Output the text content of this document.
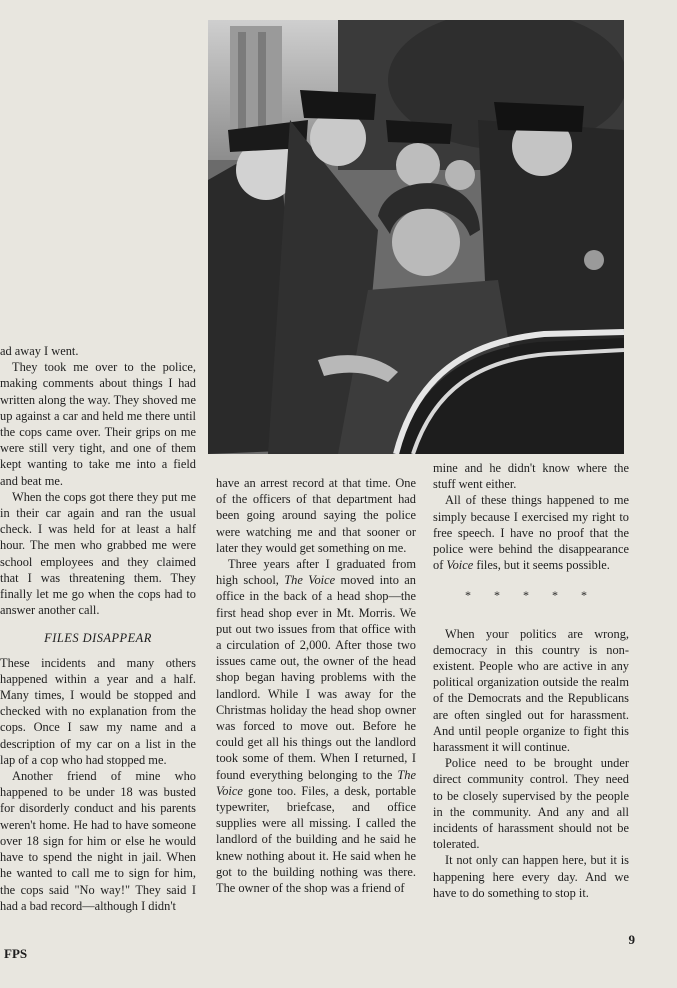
ad away I went.

They took me over to the police, making comments about things I had written along the way. They shoved me up against a car and held me there until the cops came over. Their grips on me were still very tight, and one of them kept wanting to take me into a field and beat me.

When the cops got there they put me in their car again and ran the usual check. I was held for at least a half hour. The men who grabbed me were school employees and they claimed that I was threatening them. They finally let me go when the cops had to answer another call.

FILES DISAPPEAR

These incidents and many others happened within a year and a half. Many times, I would be stopped and checked with no explanation from the cops. Once I saw my name and a description of my car on a list in the lap of a cop who had stopped me.

Another friend of mine who happened to be under 18 was busted for disorderly conduct and his parents weren't home. He had to have someone over 18 sign for him or else he would have to spend the night in jail. When he wanted to call me to sign for him, the cops said "No way!" They said I had a bad record—although I didn't

have an arrest record at that time. One of the officers of that department had been going around saying the police were watching me and that sooner or later they would get something on me.

Three years after I graduated from high school, The Voice moved into an office in the back of a head shop—the first head shop ever in Mt. Morris. We put out two issues from that office with a circulation of 2,000. After those two issues came out, the owner of the head shop began having problems with the landlord. While I was away for the Christmas holiday the head shop owner was forced to move out. Before he could get all his things out the landlord took some of them. When I returned, I found everything belonging to the The Voice gone too. Files, a desk, portable typewriter, briefcase, and office supplies were all missing. I called the landlord of the building and he said he knew nothing about it. He said when he got to the building nothing was there. The owner of the shop was a friend of

mine and he didn't know where the stuff went either.

All of these things happened to me simply because I exercised my right to free speech. I have no proof that the police were behind the disappearance of Voice files, but it seems possible.

* * * * *

When your politics are wrong, democracy in this country is non-existent. People who are active in any political organization outside the realm of the Democrats and the Republicans are often singled out for harassment. And until people organize to fight this harassment it will continue.

Police need to be brought under direct community control. They need to be closely supervised by the people in the community. And any and all incidents of harassment should not be tolerated.

It not only can happen here, but it is happening here every day. And we have to do something to stop it.

9
FPS
